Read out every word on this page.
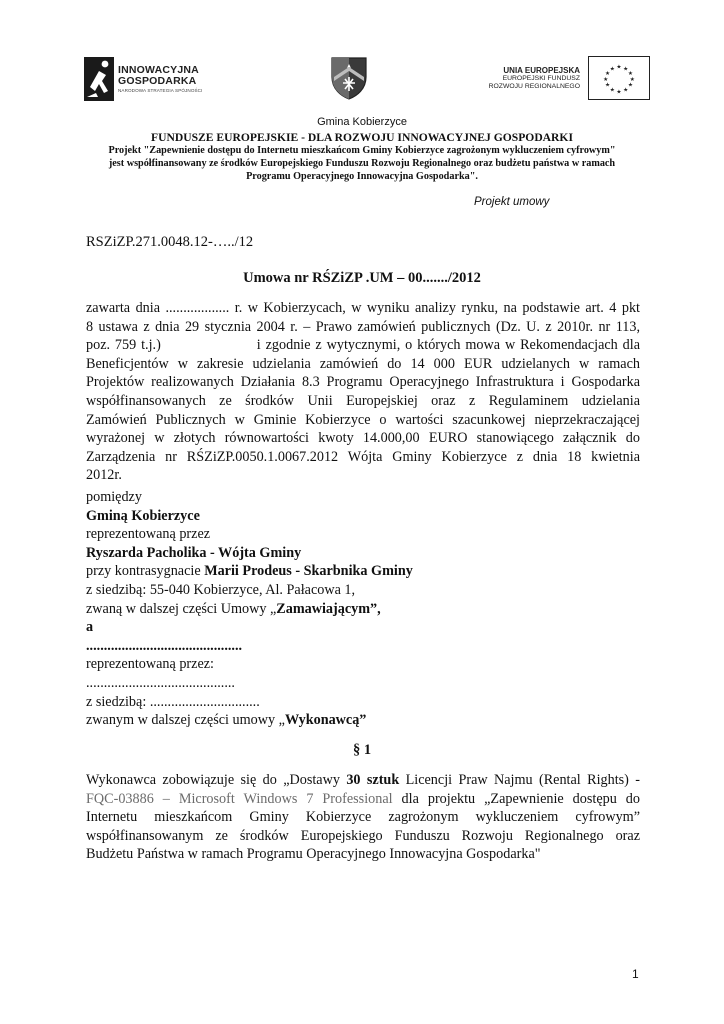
INNOWACYJNA
GOSPODARKA
NARODOWA STRATEGIA SPÓJNOŚCI
UNIA EUROPEJSKA
EUROPEJSKI FUNDUSZ
ROZWOJU REGIONALNEGO
★ ★
★
★
★
★
★
★
★
★
★
★
Gmina Kobierzyce
FUNDUSZE EUROPEJSKIE - DLA ROZWOJU INNOWACYJNEJ GOSPODARKI
Projekt "Zapewnienie dostępu do Internetu mieszkańcom Gminy Kobierzyce zagrożonym wykluczeniem cyfrowym"
jest współfinansowany ze środków Europejskiego Funduszu Rozwoju Regionalnego oraz budżetu państwa w ramach
Programu Operacyjnego Innowacyjna Gospodarka".
Projekt umowy
RSZiZP.271.0048.12-…../12
Umowa nr RŚZiZP .UM – 00......./2012
zawarta dnia .................. r. w Kobierzycach, w wyniku analizy rynku, na podstawie art. 4 pkt
8 ustawa z dnia 29 stycznia 2004 r. – Prawo zamówień publicznych (Dz. U. z 2010r. nr 113,
poz. 759 t.j.)	i zgodnie z wytycznymi, o których mowa w Rekomendacjach dla
Beneficjentów w zakresie udzielania zamówień do 14 000 EUR udzielanych w ramach
Projektów realizowanych Działania 8.3 Programu Operacyjnego Infrastruktura i Gospodarka
współfinansowanych ze środków Unii Europejskiej oraz z Regulaminem udzielania
Zamówień Publicznych w Gminie Kobierzyce o wartości szacunkowej nieprzekraczającej
wyrażonej w złotych równowartości kwoty 14.000,00 EURO stanowiącego załącznik do
Zarządzenia nr RŚZiZP.0050.1.0067.2012 Wójta Gminy Kobierzyce z dnia 18 kwietnia
2012r.
pomiędzy
Gminą Kobierzyce
reprezentowaną przez
Ryszarda Pacholika - Wójta Gminy
przy kontrasygnacie Marii Prodeus - Skarbnika Gminy
z siedzibą: 55-040 Kobierzyce, Al. Pałacowa 1,
zwaną w dalszej części Umowy „Zamawiającym”,
a
............................................
reprezentowaną przez:
..........................................
z siedzibą: ...............................
zwanym w dalszej części umowy „Wykonawcą”
§ 1
Wykonawca zobowiązuje się do „Dostawy 30 sztuk Licencji Praw Najmu (Rental Rights) -
FQC-03886 – Microsoft Windows 7 Professional dla projektu „Zapewnienie dostępu do
Internetu mieszkańcom Gminy Kobierzyce zagrożonym wykluczeniem cyfrowym”
współfinansowanym ze środków Europejskiego Funduszu Rozwoju Regionalnego oraz
Budżetu Państwa w ramach Programu Operacyjnego Innowacyjna Gospodarka"
1
